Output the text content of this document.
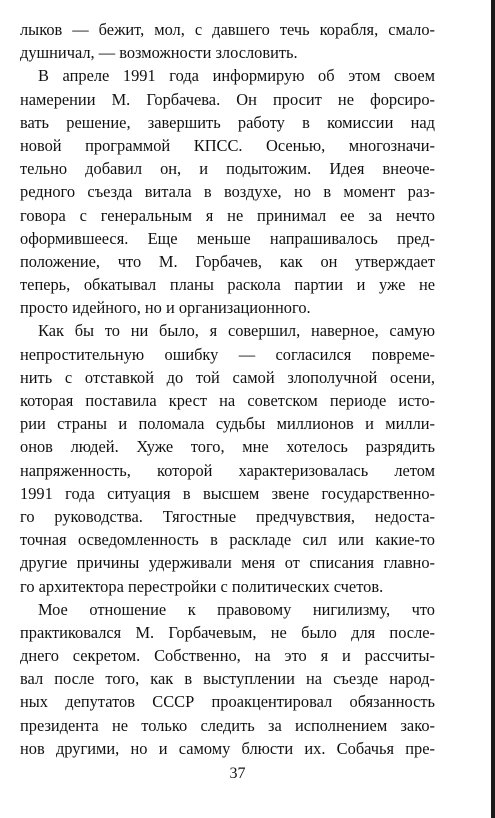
лыков — бежит, мол, с давшего течь корабля, смало-
душничал, — возможности злословить.
В апреле 1991 года информирую об этом своем
намерении М. Горбачева. Он просит не форсиро-
вать решение, завершить работу в комиссии над
новой программой КПСС. Осенью, многозначи-
тельно добавил он, и подытожим. Идея внеоче-
редного съезда витала в воздухе, но в момент раз-
говора с генеральным я не принимал ее за нечто
оформившееся. Еще меньше напрашивалось пред-
положение, что М. Горбачев, как он утверждает
теперь, обкатывал планы раскола партии и уже не
просто идейного, но и организационного.
Как бы то ни было, я совершил, наверное, самую
непростительную ошибку — согласился повреме-
нить с отставкой до той самой злополучной осени,
которая поставила крест на советском периоде исто-
рии страны и поломала судьбы миллионов и милли-
онов людей. Хуже того, мне хотелось разрядить
напряженность, которой характеризовалась летом
1991 года ситуация в высшем звене государственно-
го руководства. Тягостные предчувствия, недоста-
точная осведомленность в раскладе сил или какие-то
другие причины удерживали меня от списания главно-
го архитектора перестройки с политических счетов.
Мое отношение к правовому нигилизму, что
практиковался М. Горбачевым, не было для после-
днего секретом. Собственно, на это я и рассчиты-
вал после того, как в выступлении на съезде народ-
ных депутатов СССР проакцентировал обязанность
президента не только следить за исполнением зако-
нов другими, но и самому блюсти их. Собачья пре-
37
